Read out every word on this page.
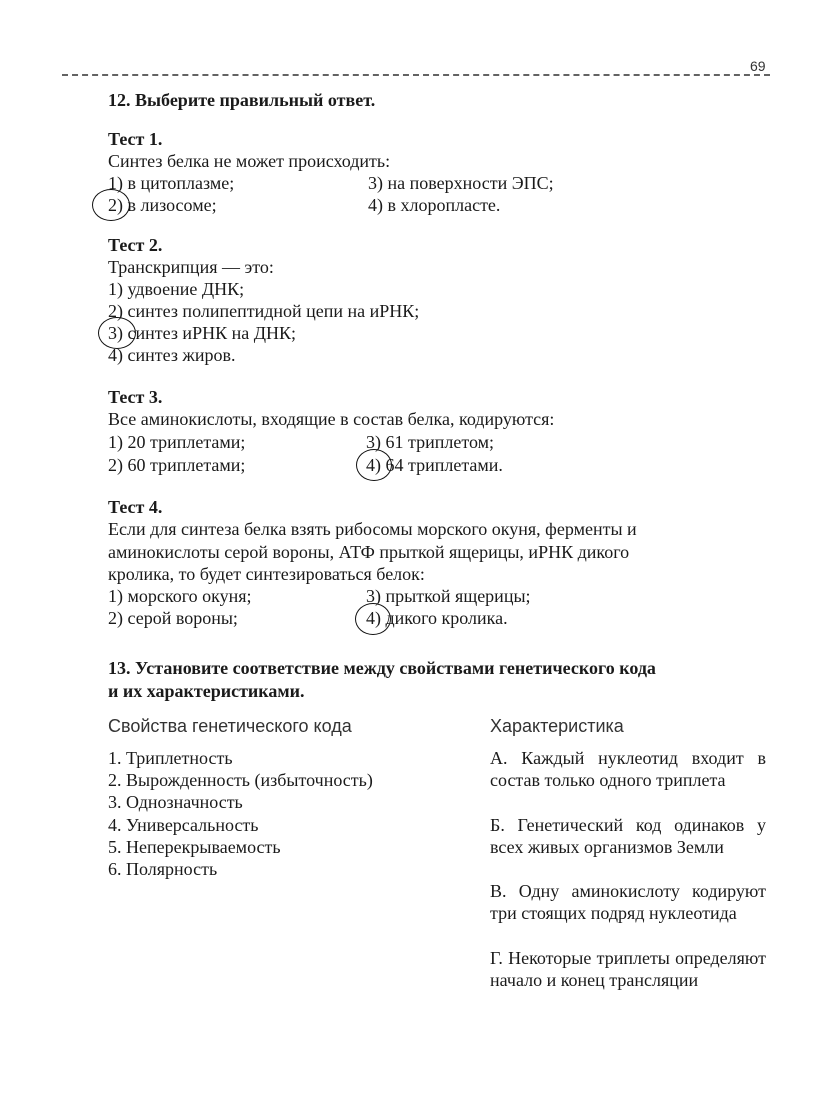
69
12. Выберите правильный ответ.
Тест 1.
Синтез белка не может происходить:
1) в цитоплазме;	3) на поверхности ЭПС;
2) в лизосоме;	4) в хлоропласте.
Тест 2.
Транскрипция — это:
1) удвоение ДНК;
2) синтез полипептидной цепи на иРНК;
3) синтез иРНК на ДНК;
4) синтез жиров.
Тест 3.
Все аминокислоты, входящие в состав белка, кодируются:
1) 20 триплетами;	3) 61 триплетом;
2) 60 триплетами;	4) 64 триплетами.
Тест 4.
Если для синтеза белка взять рибосомы морского окуня, ферменты и
аминокислоты серой вороны, АТФ прыткой ящерицы, иРНК дикого
кролика, то будет синтезироваться белок:
1) морского окуня;	3) прыткой ящерицы;
2) серой вороны;	4) дикого кролика.
13. Установите соответствие между свойствами генетического кода
и их характеристиками.
Свойства генетического кода	Характеристика
1. Триплетность
2. Вырожденность (избыточность)
3. Однозначность
4. Универсальность
5. Неперекрываемость
6. Полярность
А. Каждый нуклеотид входит в состав только одного триплета
Б. Генетический код одинаков у всех живых организмов Земли
В. Одну аминокислоту кодируют три стоящих подряд нуклеотида
Г. Некоторые триплеты определяют начало и конец трансляции
